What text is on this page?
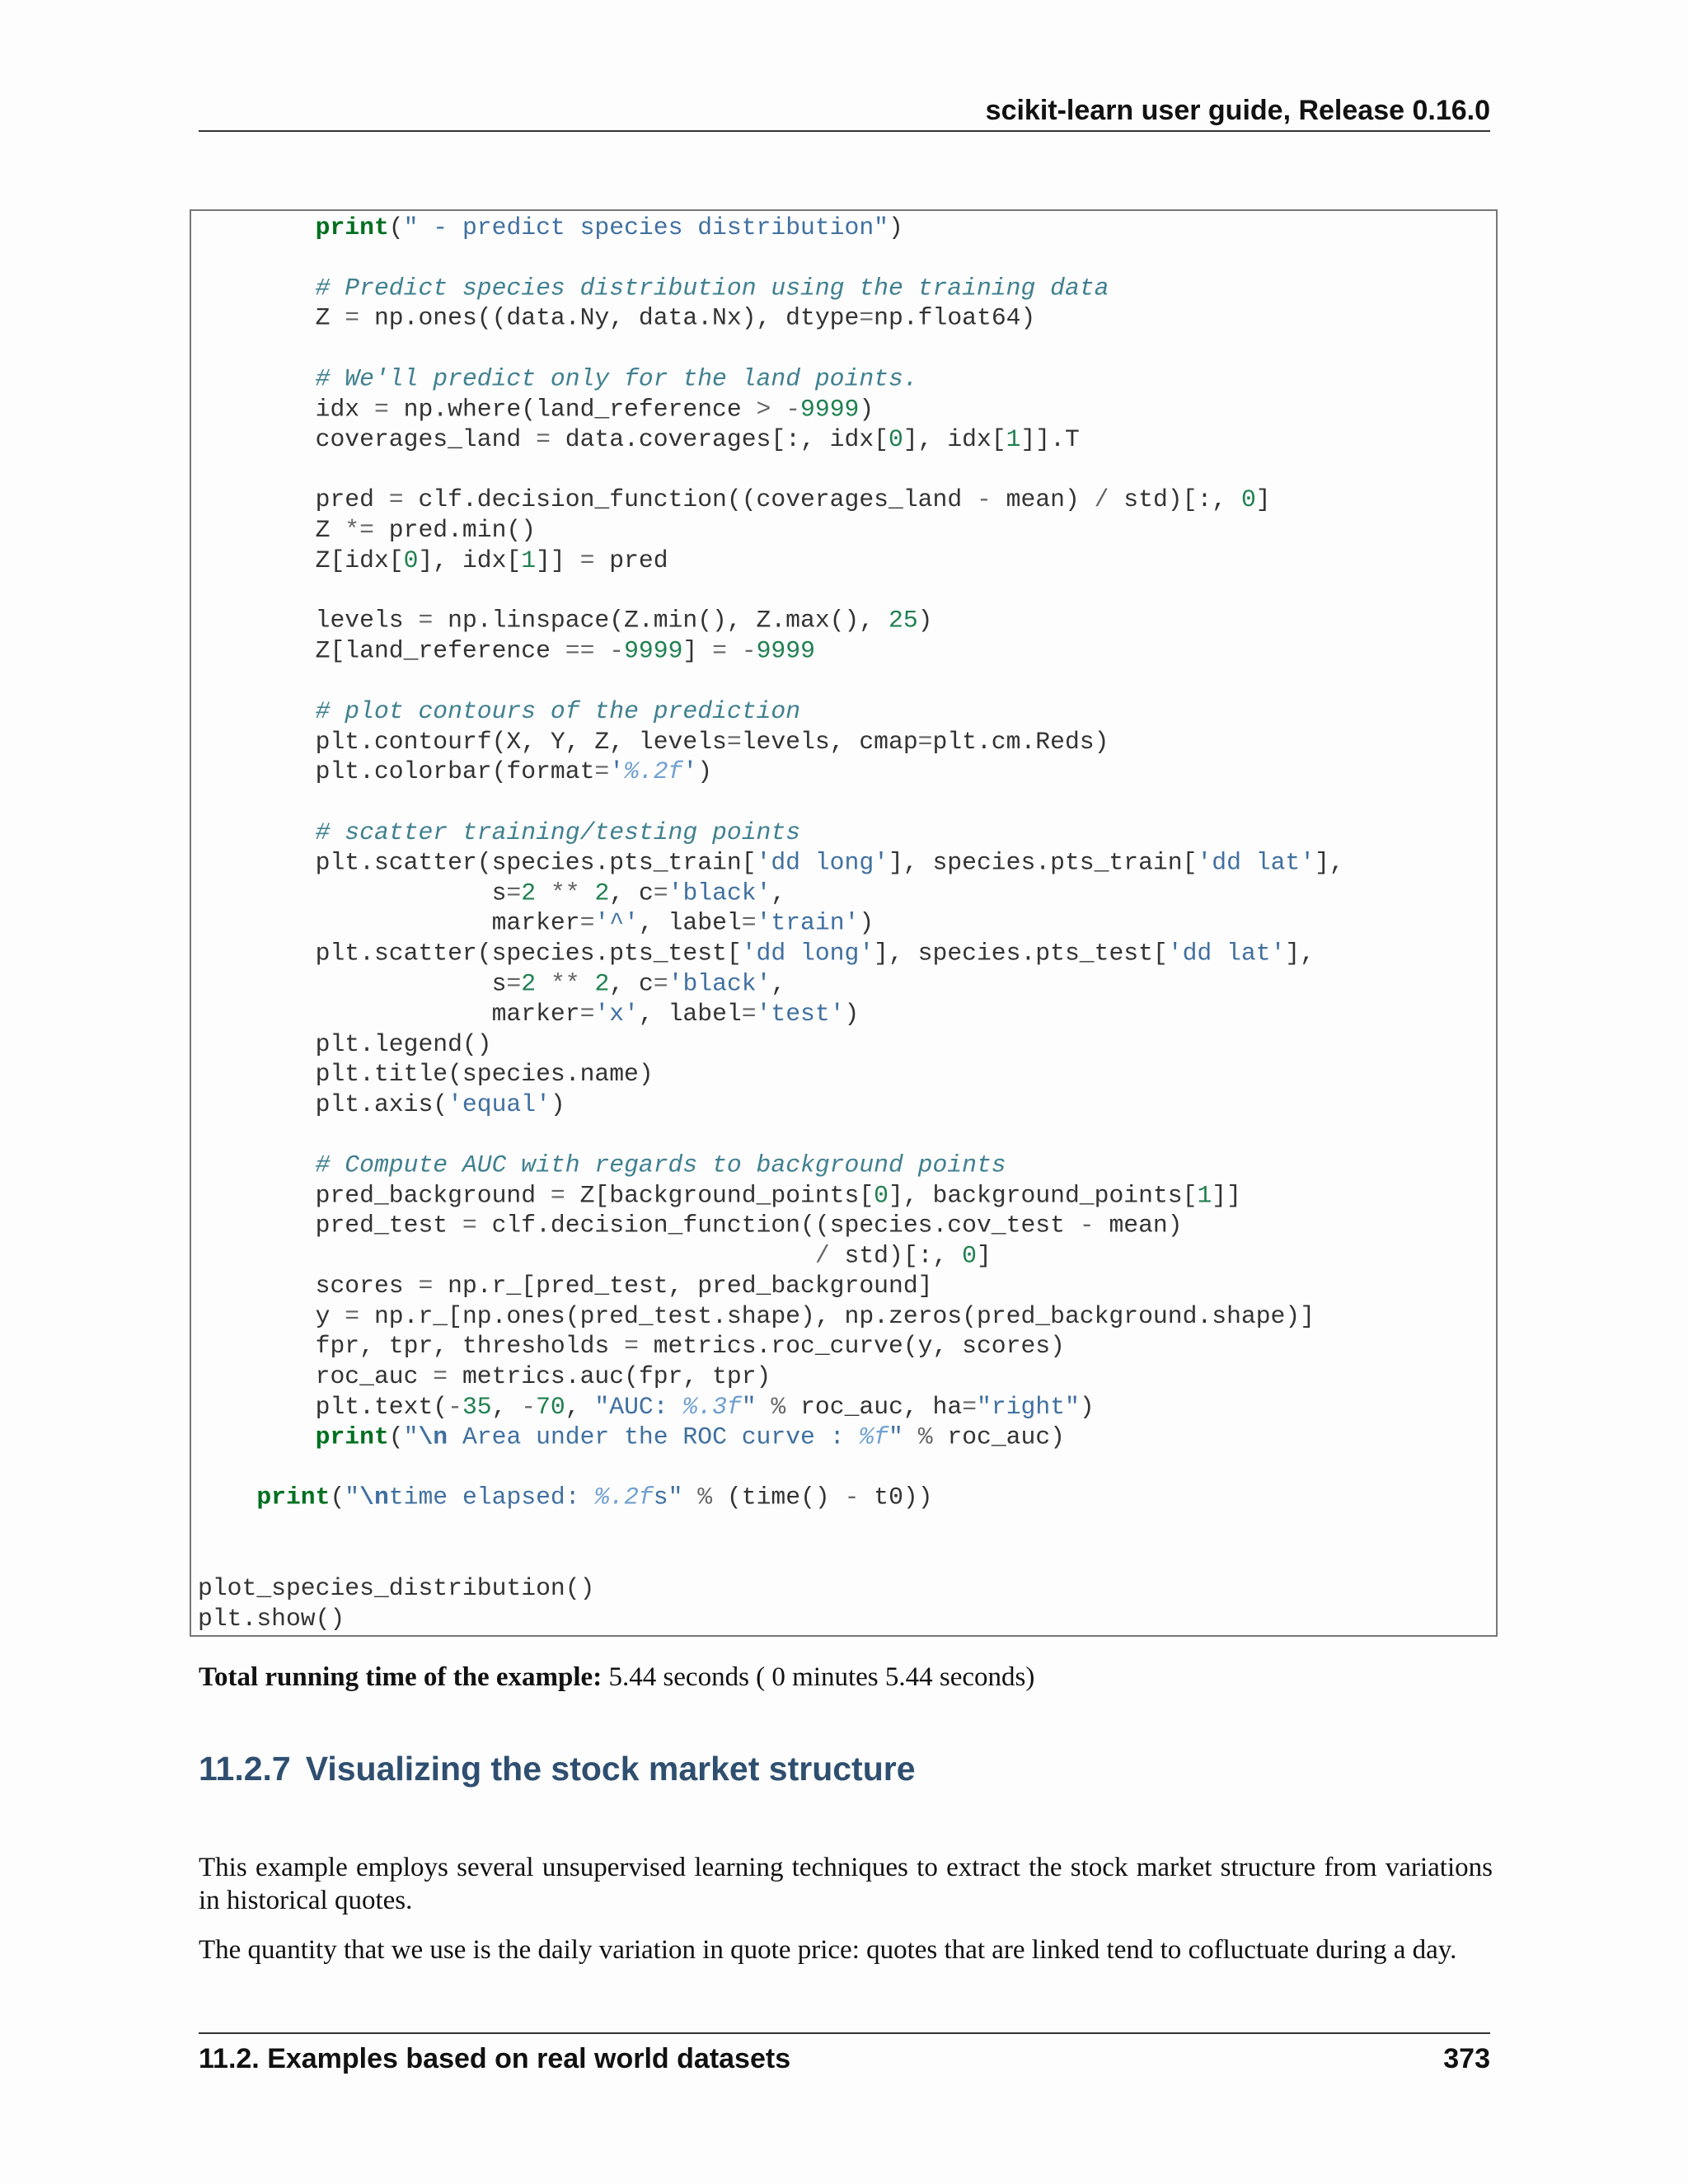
scikit-learn user guide, Release 0.16.0
print(" - predict species distribution")
# Predict species distribution using the training data
Z = np.ones((data.Ny, data.Nx), dtype=np.float64)
# We'll predict only for the land points.
idx = np.where(land_reference > -9999)
coverages_land = data.coverages[:, idx[0], idx[1]].T
pred = clf.decision_function((coverages_land - mean) / std)[:, 0]
Z *= pred.min()
Z[idx[0], idx[1]] = pred
levels = np.linspace(Z.min(), Z.max(), 25)
Z[land_reference == -9999] = -9999
# plot contours of the prediction
plt.contourf(X, Y, Z, levels=levels, cmap=plt.cm.Reds)
plt.colorbar(format='%.2f')
# scatter training/testing points
plt.scatter(species.pts_train['dd long'], species.pts_train['dd lat'],
s=2 ** 2, c='black',
marker='^', label='train')
plt.scatter(species.pts_test['dd long'], species.pts_test['dd lat'],
s=2 ** 2, c='black',
marker='x', label='test')
plt.legend()
plt.title(species.name)
plt.axis('equal')
# Compute AUC with regards to background points
pred_background = Z[background_points[0], background_points[1]]
pred_test = clf.decision_function((species.cov_test - mean)
/ std)[:, 0]
scores = np.r_[pred_test, pred_background]
y = np.r_[np.ones(pred_test.shape), np.zeros(pred_background.shape)]
fpr, tpr, thresholds = metrics.roc_curve(y, scores)
roc_auc = metrics.auc(fpr, tpr)
plt.text(-35, -70, "AUC: %.3f" % roc_auc, ha="right")
print("\n Area under the ROC curve : %f" % roc_auc)
print("\ntime elapsed: %.2fs" % (time() - t0))
plot_species_distribution()
plt.show()
Total running time of the example: 5.44 seconds ( 0 minutes 5.44 seconds)
11.2.7 Visualizing the stock market structure

This example employs several unsupervised learning techniques to extract the stock market structure from variations in historical quotes.

The quantity that we use is the daily variation in quote price: quotes that are linked tend to cofluctuate during a day.

11.2. Examples based on real world datasets	373
